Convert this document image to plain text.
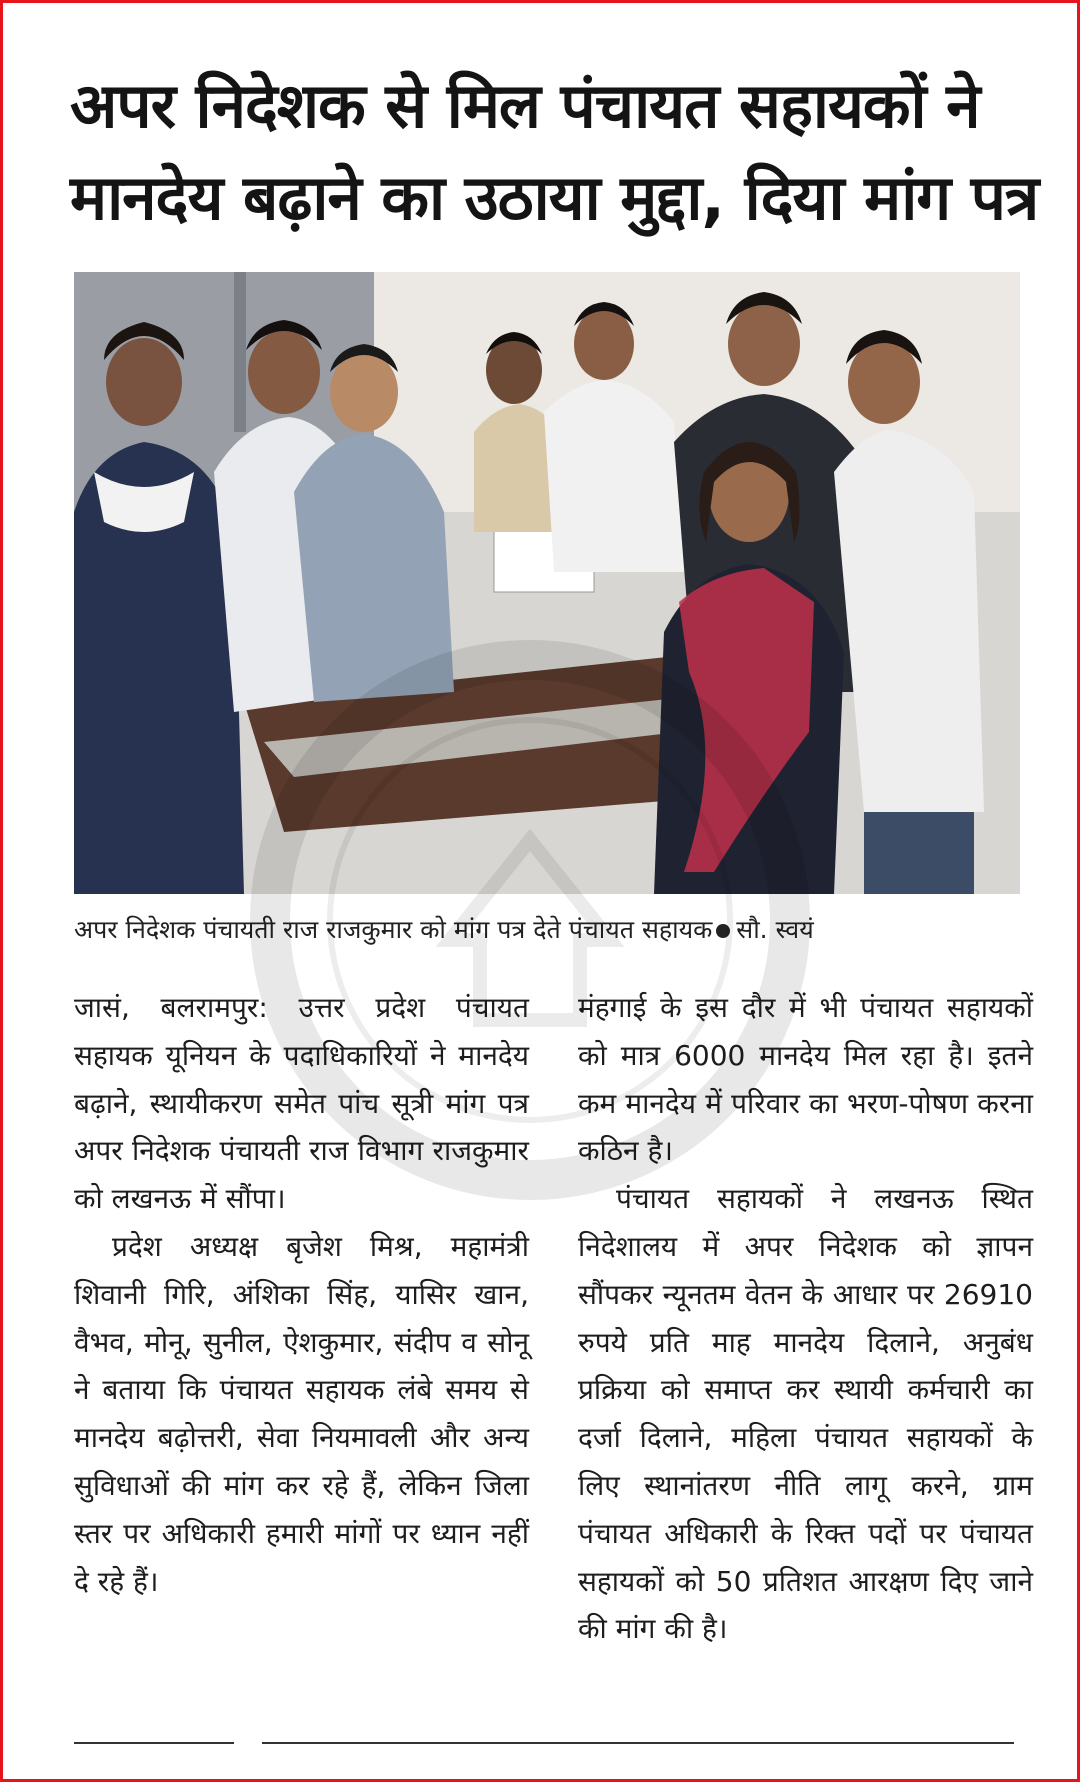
अपर निदेशक से मिल पंचायत सहायकों ने
मानदेय बढ़ाने का उठाया मुद्दा, दिया मांग पत्र
अपर निदेशक पंचायती राज राजकुमार को मांग पत्र देते पंचायत सहायक सौ. स्वयं

जासं, बलरामपुर: उत्तर प्रदेश पंचायत सहायक यूनियन के पदाधिकारियों ने मानदेय बढ़ाने, स्थायीकरण समेत पांच सूत्री मांग पत्र अपर निदेशक पंचायती राज विभाग राजकुमार को लखनऊ में सौंपा।

प्रदेश अध्यक्ष बृजेश मिश्र, महामंत्री शिवानी गिरि, अंशिका सिंह, यासिर खान, वैभव, मोनू, सुनील, ऐशकुमार, संदीप व सोनू ने बताया कि पंचायत सहायक लंबे समय से मानदेय बढ़ोत्तरी, सेवा नियमावली और अन्य सुविधाओं की मांग कर रहे हैं, लेकिन जिला स्तर पर अधिकारी हमारी मांगों पर ध्यान नहीं दे रहे हैं।

मंहगाई के इस दौर में भी पंचायत सहायकों को मात्र 6000 मानदेय मिल रहा है। इतने कम मानदेय में परिवार का भरण-पोषण करना कठिन है।

पंचायत सहायकों ने लखनऊ स्थित निदेशालय में अपर निदेशक को ज्ञापन सौंपकर न्यूनतम वेतन के आधार पर 26910 रुपये प्रति माह मानदेय दिलाने, अनुबंध प्रक्रिया को समाप्त कर स्थायी कर्मचारी का दर्जा दिलाने, महिला पंचायत सहायकों के लिए स्थानांतरण नीति लागू करने, ग्राम पंचायत अधिकारी के रिक्त पदों पर पंचायत सहायकों को 50 प्रतिशत आरक्षण दिए जाने की मांग की है।
